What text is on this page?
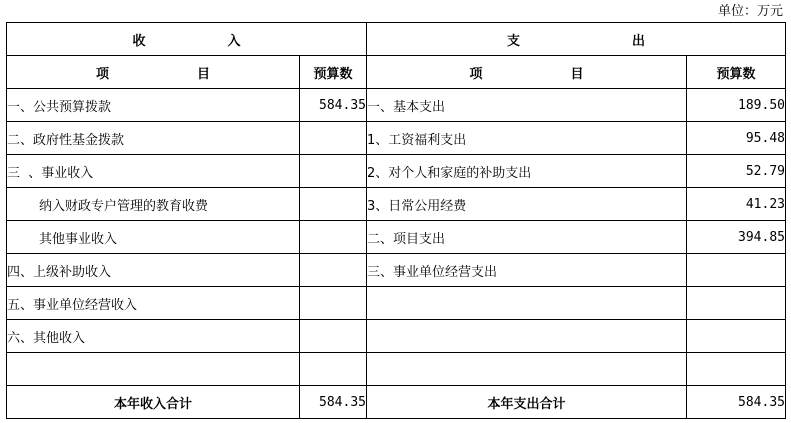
单位：万元
收 入		支 出	
项 目	预算数	项 目	预算数
一、公共预算拨款	584.35	一、基本支出	189.50
二、政府性基金拨款		1、工资福利支出	95.48
三  、事业收入		2、对个人和家庭的补助支出	52.79
纳入财政专户管理的教育收费		3、日常公用经费	41.23
其他事业收入		二、项目支出	394.85
四、上级补助收入		三、事业单位经营支出	
五、事业单位经营收入			
六、其他收入			

本年收入合计	584.35	本年支出合计	584.35
